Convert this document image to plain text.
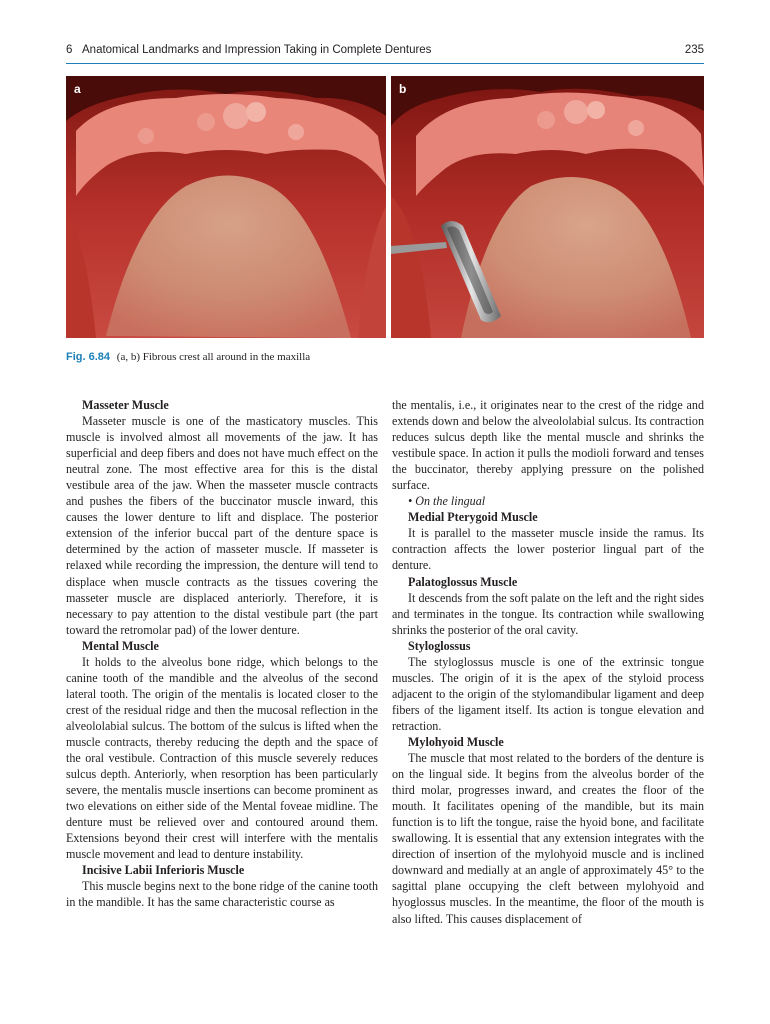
6 Anatomical Landmarks and Impression Taking in Complete Dentures	235
a	b
Fig. 6.84 (a, b) Fibrous crest all around in the maxilla

Masseter Muscle

Masseter muscle is one of the masticatory muscles. This muscle is involved almost all movements of the jaw. It has superficial and deep fibers and does not have much effect on the neutral zone. The most effective area for this is the distal vestibule area of the jaw. When the masseter muscle contracts and pushes the fibers of the buccinator muscle inward, this causes the lower denture to lift and displace. The posterior extension of the inferior buccal part of the denture space is determined by the action of masseter muscle. If masseter is relaxed while recording the impression, the denture will tend to displace when muscle contracts as the tissues covering the masseter muscle are displaced anteriorly. Therefore, it is necessary to pay attention to the distal vestibule part (the part toward the retromolar pad) of the lower denture.

Mental Muscle

It holds to the alveolus bone ridge, which belongs to the canine tooth of the mandible and the alveolus of the second lateral tooth. The origin of the mentalis is located closer to the crest of the residual ridge and then the mucosal reflection in the alveololabial sulcus. The bottom of the sulcus is lifted when the muscle contracts, thereby reducing the depth and the space of the oral vestibule. Contraction of this muscle severely reduces sulcus depth. Anteriorly, when resorption has been particularly severe, the mentalis muscle insertions can become prominent as two elevations on either side of the Mental foveae midline. The denture must be relieved over and contoured around them. Extensions beyond their crest will interfere with the mentalis muscle movement and lead to denture instability.

Incisive Labii Inferioris Muscle

This muscle begins next to the bone ridge of the canine tooth in the mandible. It has the same characteristic course as

the mentalis, i.e., it originates near to the crest of the ridge and extends down and below the alveololabial sulcus. Its contraction reduces sulcus depth like the mental muscle and shrinks the vestibule space. In action it pulls the modioli forward and tenses the buccinator, thereby applying pressure on the polished surface.

• On the lingual

Medial Pterygoid Muscle

It is parallel to the masseter muscle inside the ramus. Its contraction affects the lower posterior lingual part of the denture.

Palatoglossus Muscle

It descends from the soft palate on the left and the right sides and terminates in the tongue. Its contraction while swallowing shrinks the posterior of the oral cavity.

Styloglossus

The styloglossus muscle is one of the extrinsic tongue muscles. The origin of it is the apex of the styloid process adjacent to the origin of the stylomandibular ligament and deep fibers of the ligament itself. Its action is tongue elevation and retraction.

Mylohyoid Muscle

The muscle that most related to the borders of the denture is on the lingual side. It begins from the alveolus border of the third molar, progresses inward, and creates the floor of the mouth. It facilitates opening of the mandible, but its main function is to lift the tongue, raise the hyoid bone, and facilitate swallowing. It is essential that any extension integrates with the direction of insertion of the mylohyoid muscle and is inclined downward and medially at an angle of approximately 45° to the sagittal plane occupying the cleft between mylohyoid and hyoglossus muscles. In the meantime, the floor of the mouth is also lifted. This causes displacement of
